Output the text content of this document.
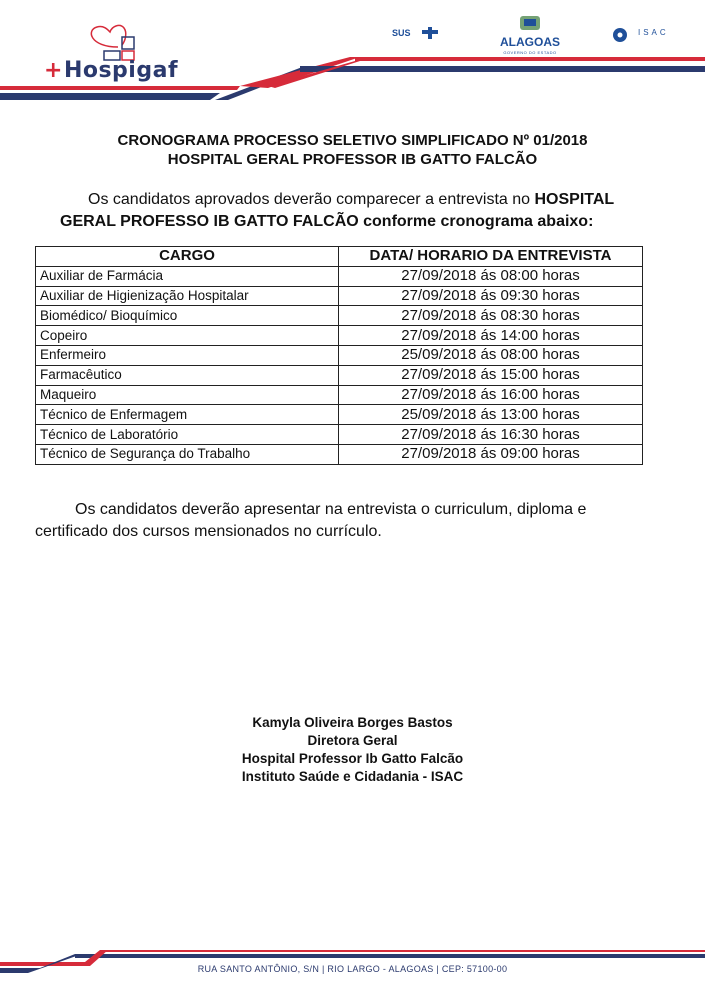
+Hospigaf
SUS
ALAGOAS
GOVERNO DO ESTADO
ISAC
CRONOGRAMA PROCESSO SELETIVO SIMPLIFICADO Nº 01/2018
HOSPITAL GERAL PROFESSOR IB GATTO FALCÃO
Os candidatos aprovados deverão comparecer a entrevista no HOSPITAL GERAL PROFESSO IB GATTO FALCÃO conforme cronograma abaixo:
CARGO	DATA/ HORARIO DA ENTREVISTA
Auxiliar de Farmácia	27/09/2018 ás 08:00 horas
Auxiliar de Higienização Hospitalar	27/09/2018 ás 09:30 horas
Biomédico/ Bioquímico	27/09/2018 ás 08:30 horas
Copeiro	27/09/2018 ás 14:00 horas
Enfermeiro	25/09/2018 ás 08:00 horas
Farmacêutico	27/09/2018 ás 15:00 horas
Maqueiro	27/09/2018 ás 16:00 horas
Técnico de Enfermagem	25/09/2018 ás 13:00 horas
Técnico de Laboratório	27/09/2018 ás 16:30 horas
Técnico de Segurança do Trabalho	27/09/2018 ás 09:00 horas
Os candidatos deverão apresentar na entrevista o curriculum, diploma e certificado dos cursos mensionados no currículo.
Kamyla Oliveira Borges Bastos
Diretora Geral
Hospital Professor Ib Gatto Falcão
Instituto Saúde e Cidadania - ISAC
RUA SANTO ANTÔNIO, S/N | RIO LARGO - ALAGOAS | CEP: 57100-00
